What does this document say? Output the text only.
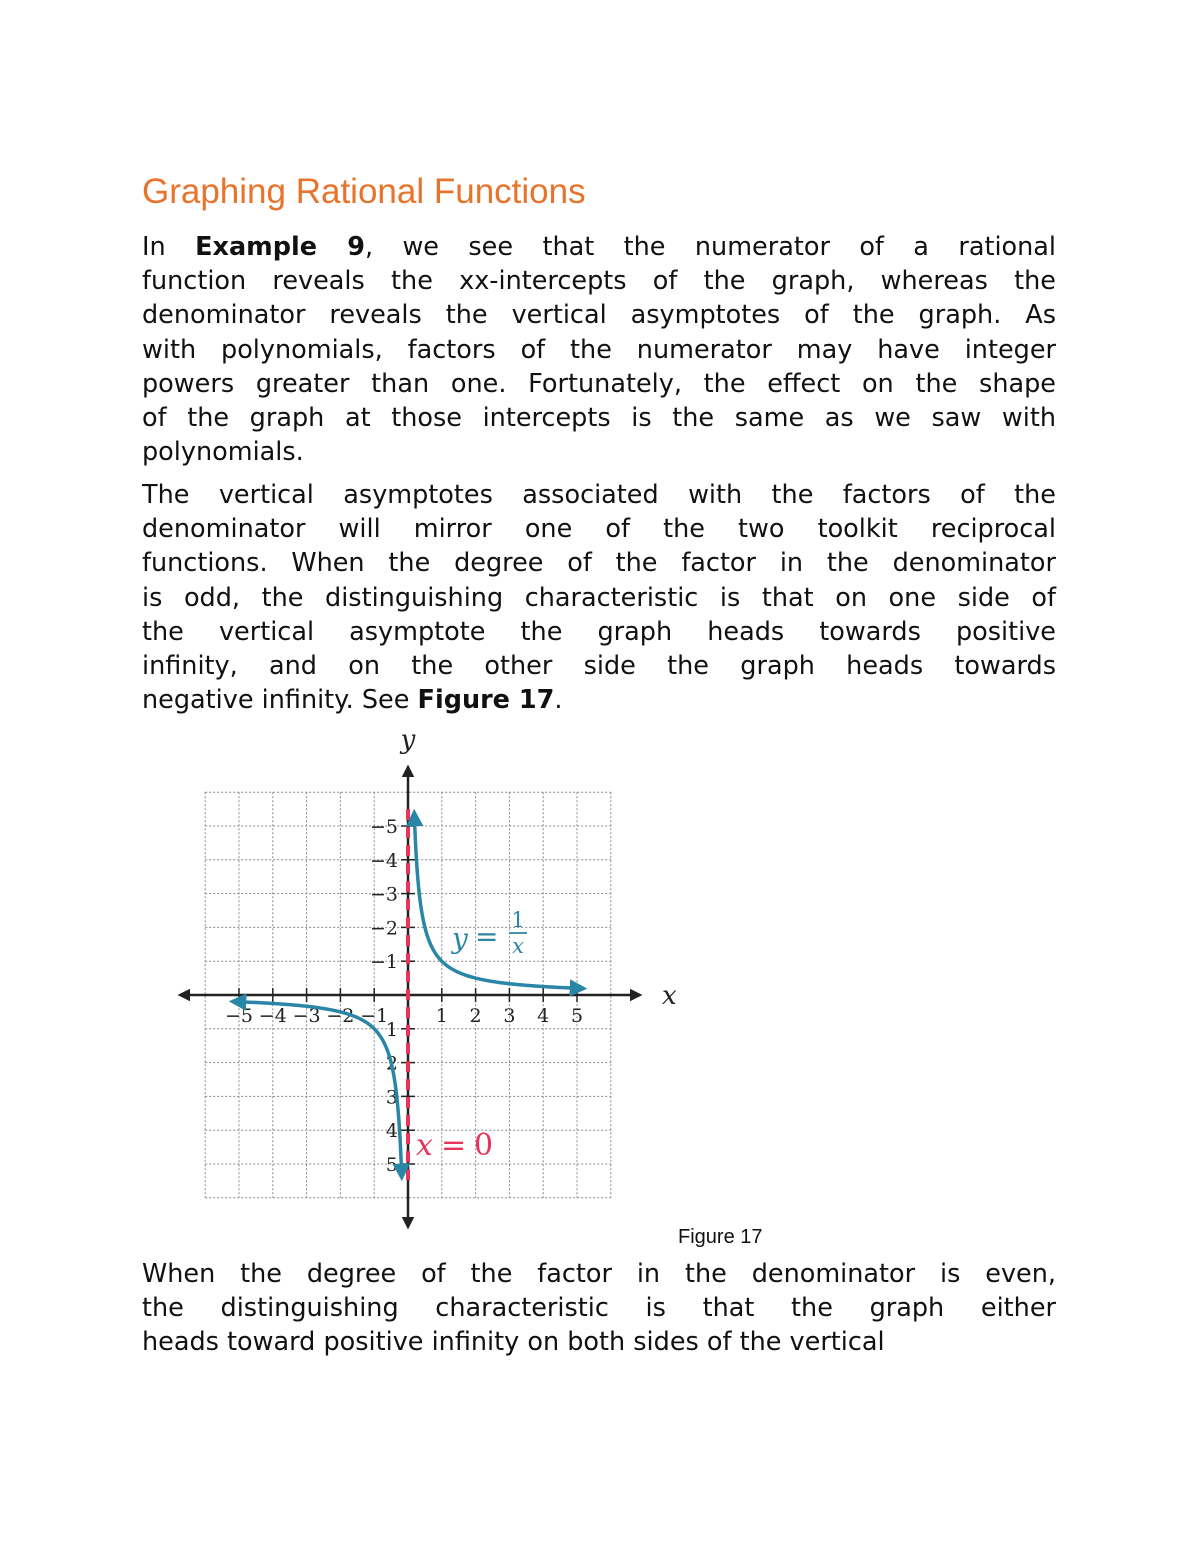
Graphing Rational Functions
In Example 9, we see that the numerator of a rational
function reveals the xx-intercepts of the graph, whereas the
denominator reveals the vertical asymptotes of the graph. As
with polynomials, factors of the numerator may have integer
powers greater than one. Fortunately, the effect on the shape
of the graph at those intercepts is the same as we saw with
polynomials.
The vertical asymptotes associated with the factors of the
denominator will mirror one of the two toolkit reciprocal
functions. When the degree of the factor in the denominator
is odd, the distinguishing characteristic is that on one side of
the vertical asymptote the graph heads towards positive
infinity, and on the other side the graph heads towards
negative infinity. See Figure 17.
−5 −4 −3 −2 −1	1 2 3 4 5
5
4
3
2
1
−1
−2
−3
−4
−5
x
y
y = 1
x
x = 0
Figure 17
When the degree of the factor in the denominator is even,
the distinguishing characteristic is that the graph either
heads toward positive infinity on both sides of the vertical
